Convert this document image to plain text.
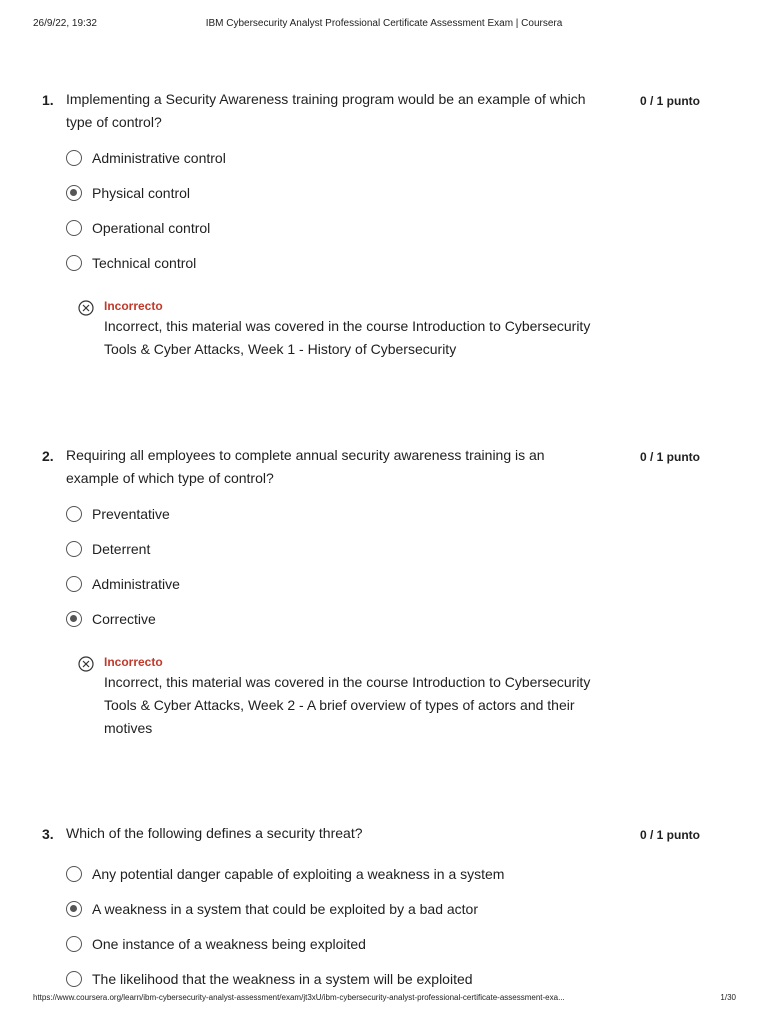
26/9/22, 19:32	IBM Cybersecurity Analyst Professional Certificate Assessment Exam | Coursera
1. Implementing a Security Awareness training program would be an example of which type of control?
0 / 1 punto
Administrative control
Physical control
Operational control
Technical control
Incorrecto
Incorrect, this material was covered in the course Introduction to Cybersecurity Tools & Cyber Attacks, Week 1 - History of Cybersecurity
2. Requiring all employees to complete annual security awareness training is an example of which type of control?
0 / 1 punto
Preventative
Deterrent
Administrative
Corrective
Incorrecto
Incorrect, this material was covered in the course Introduction to Cybersecurity Tools & Cyber Attacks, Week 2 - A brief overview of types of actors and their motives
3. Which of the following defines a security threat?	0 / 1 punto
Any potential danger capable of exploiting a weakness in a system
A weakness in a system that could be exploited by a bad actor
One instance of a weakness being exploited
The likelihood that the weakness in a system will be exploited
https://www.coursera.org/learn/ibm-cybersecurity-analyst-assessment/exam/jt3xU/ibm-cybersecurity-analyst-professional-certificate-assessment-exa...	1/30
